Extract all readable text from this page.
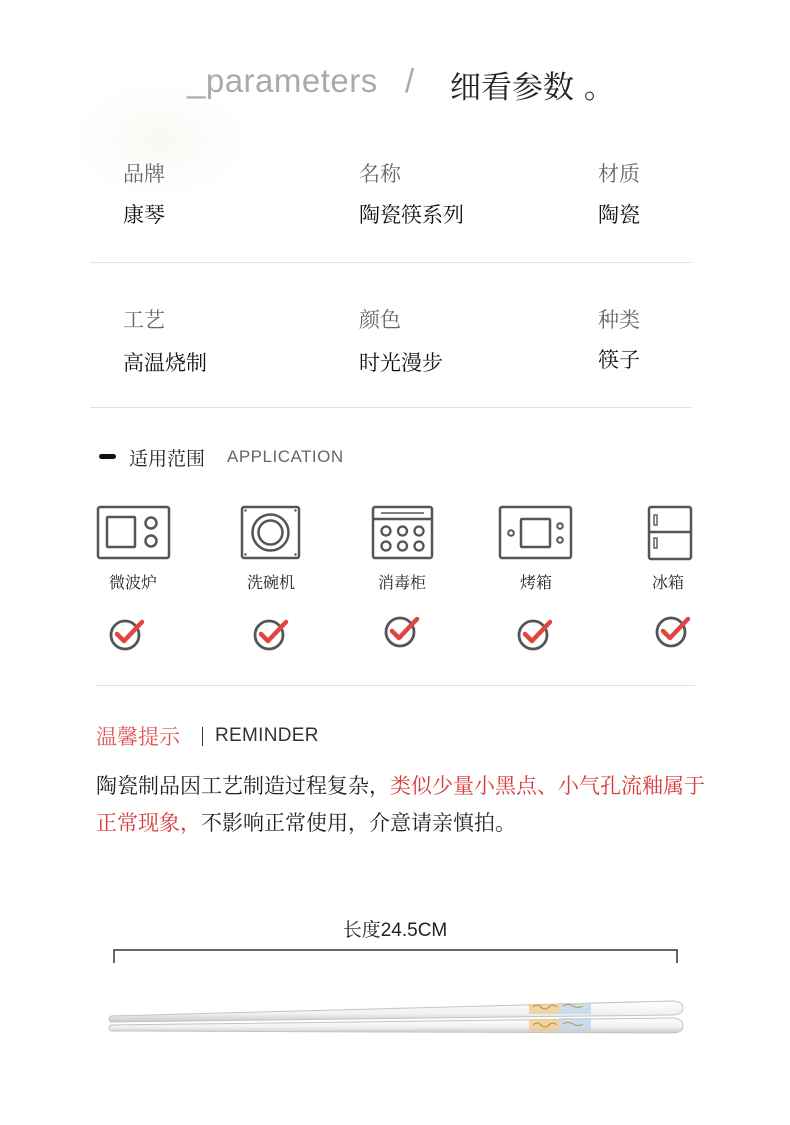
_parameters / 细看参数 。
品牌
康琴
名称
陶瓷筷系列
材质
陶瓷
工艺
高温烧制
颜色
时光漫步
种类
筷子
适用范围 APPLICATION
微波炉	洗碗机	消毒柜	烤箱	冰箱
温馨提示 REMINDER
陶瓷制品因工艺制造过程复杂，类似少量小黑点、小气孔流釉属于正常现象，不影响正常使用，介意请亲慎拍。
长度24.5CM
